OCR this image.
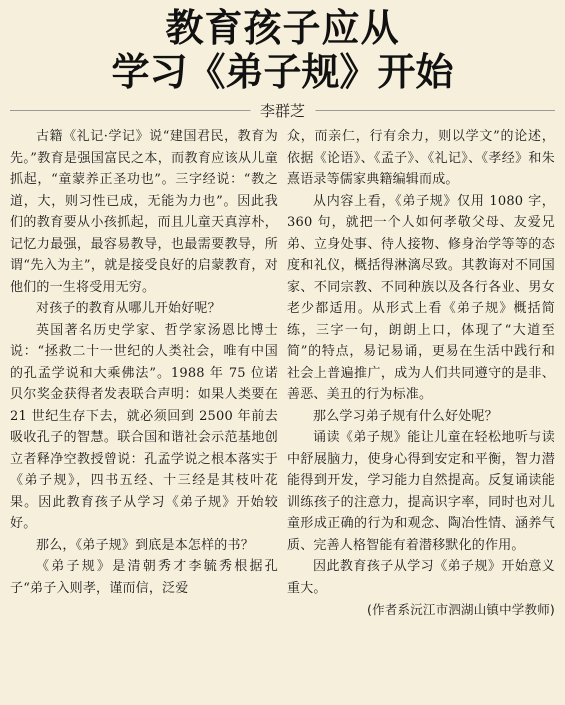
教育孩子应从
学习《弟子规》开始
李群芝

古籍《礼记·学记》说“建国君民，教育为先。”教育是强国富民之本，而教育应该从儿童抓起，“童蒙养正圣功也”。三字经说：“教之道，大，则习性已成，无能为力也”。因此我们的教育要从小孩抓起，而且儿童天真淳朴，记忆力最强，最容易教导，也最需要教导，所谓“先入为主”，就是接受良好的启蒙教育，对他们的一生将受用无穷。

对孩子的教育从哪儿开始好呢？

英国著名历史学家、哲学家汤恩比博士说：“拯救二十一世纪的人类社会，唯有中国的孔孟学说和大乘佛法”。1988 年 75 位诺贝尔奖金获得者发表联合声明：如果人类要在 21 世纪生存下去，就必须回到 2500 年前去吸收孔子的智慧。联合国和谐社会示范基地创立者释净空教授曾说：孔孟学说之根本落实于《弟子规》，四书五经、十三经是其枝叶花果。因此教育孩子从学习《弟子规》开始较好。

那么，《弟子规》到底是本怎样的书？

《弟子规》是清朝秀才李毓秀根据孔子“弟子入则孝，谨而信，泛爱

众，而亲仁，行有余力，则以学文”的论述，依据《论语》、《孟子》、《礼记》、《孝经》和朱熹语录等儒家典籍编辑而成。

从内容上看，《弟子规》仅用 1080 字，360 句，就把一个人如何孝敬父母、友爱兄弟、立身处事、待人接物、修身治学等等的态度和礼仪，概括得淋漓尽致。其教诲对不同国家、不同宗教、不同种族以及各行各业、男女老少都适用。从形式上看《弟子规》概括简练，三字一句，朗朗上口，体现了“大道至简”的特点，易记易诵，更易在生活中践行和社会上普遍推广，成为人们共同遵守的是非、善恶、美丑的行为标准。

那么学习弟子规有什么好处呢？

诵读《弟子规》能让儿童在轻松地听与读中舒展脑力，使身心得到安定和平衡，智力潜能得到开发，学习能力自然提高。反复诵读能训练孩子的注意力，提高识字率，同时也对儿童形成正确的行为和观念、陶冶性情、涵养气质、完善人格智能有着潜移默化的作用。

因此教育孩子从学习《弟子规》开始意义重大。

(作者系沅江市泗湖山镇中学教师)
